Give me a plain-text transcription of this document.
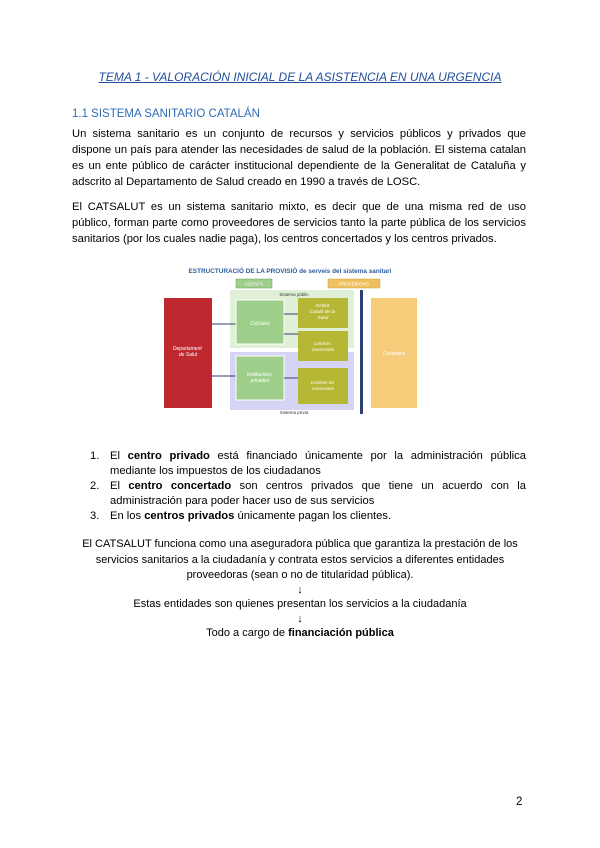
TEMA 1 - VALORACIÓN INICIAL DE LA ASISTENCIA EN UNA URGENCIA
1.1 SISTEMA SANITARIO CATALÁN
Un sistema sanitario es un conjunto de recursos y servicios públicos y privados que dispone un país para atender las necesidades de salud de la población. El sistema catalan es un ente público de carácter institucional dependiente de la Generalitat de Cataluña y adscrito al Departamento de Salud creado en 1990 a través de LOSC.
El CATSALUT es un sistema sanitario mixto, es decir que de una misma red de uso público, forman parte como proveedores de servicios tanto la parte pública de los servicios sanitarios (por los cuales nadie paga), los centros concertados y los centros privados.
ESTRUCTURACIÓ DE LA PROVISIÓ de serveis del sistema sanitari
AGENTS	PROVEÏDORS
Sistema públic
Sistema privat
Departament de Salut
CatSalut
Institucions privades
Institut Català de la Salut
Centres concertats
Centres no concertats
Ciutadans
1. El centro privado está financiado únicamente por la administración pública mediante los impuestos de los ciudadanos
2. El centro concertado son centros privados que tiene un acuerdo con la administración para poder hacer uso de sus servicios
3. En los centros privados únicamente pagan los clientes.
El CATSALUT funciona como una aseguradora pública que garantiza la prestación de los servicios sanitarios a la ciudadanía y contrata estos servicios a diferentes entidades proveedoras (sean o no de titularidad pública).
↓
Estas entidades son quienes presentan los servicios a la ciudadanía
↓
Todo a cargo de financiación pública
2
